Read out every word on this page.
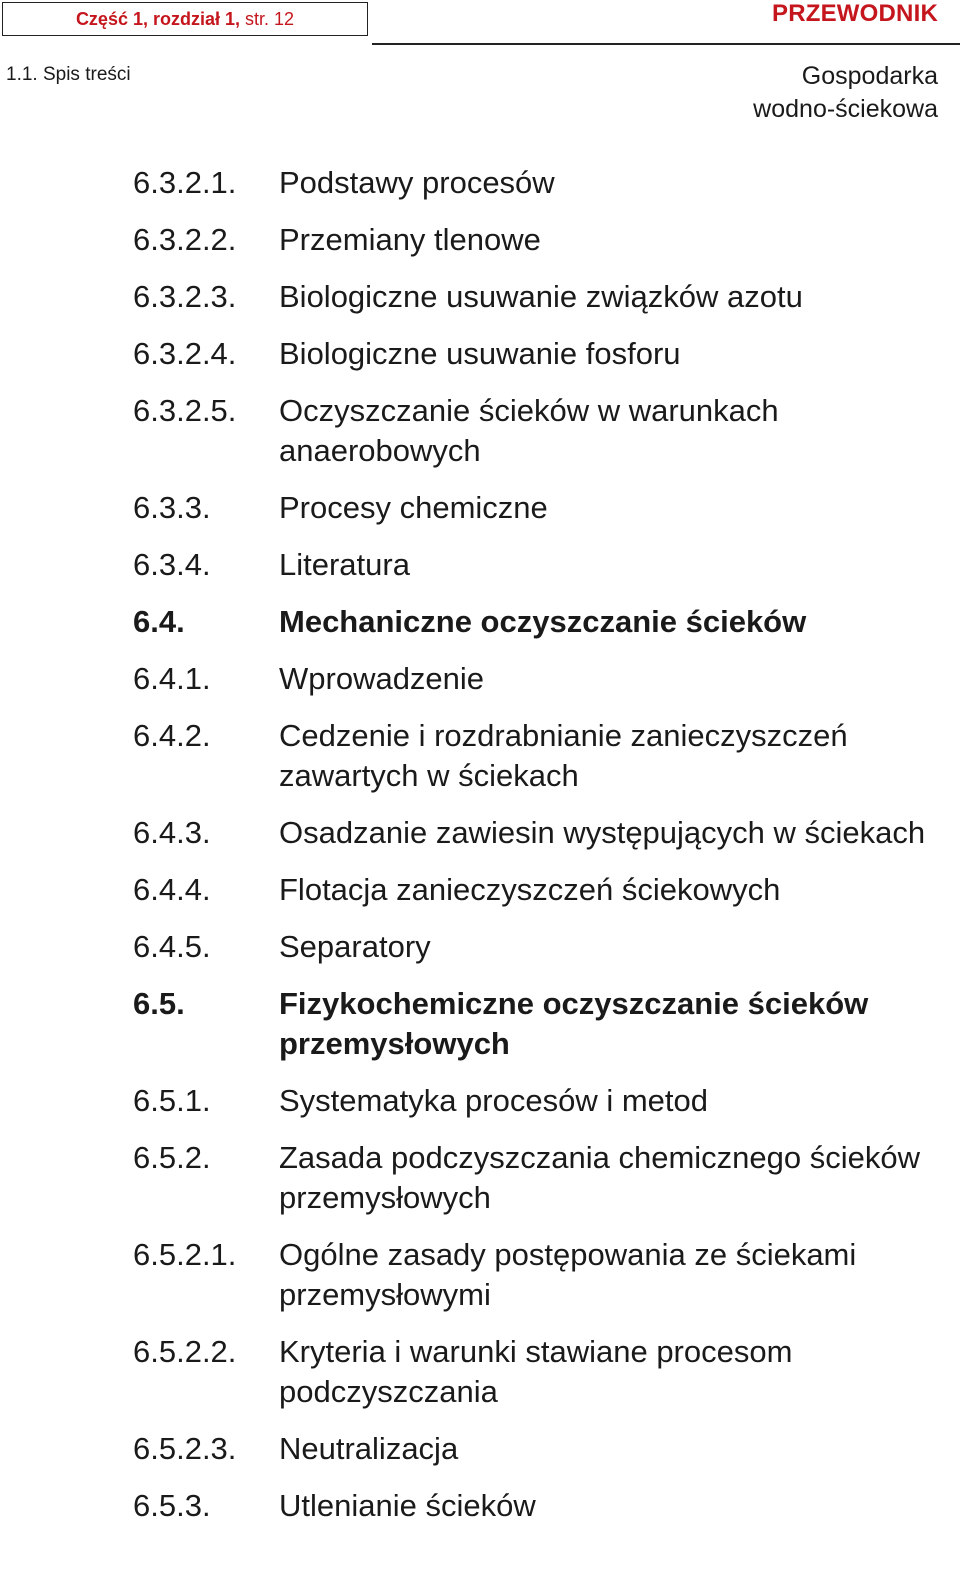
Część 1, rozdział 1,
str. 12	PRZEWODNIK
1.1. Spis treści	Gospodarka
wodno-ściekowa
6.3.2.1.	Podstawy procesów
6.3.2.2.	Przemiany tlenowe
6.3.2.3.	Biologiczne usuwanie związków azotu
6.3.2.4.	Biologiczne usuwanie fosforu
6.3.2.5.	Oczyszczanie ścieków w warunkach anaerobowych
6.3.3.	Procesy chemiczne
6.3.4.	Literatura
6.4.	Mechaniczne oczyszczanie ścieków
6.4.1.	Wprowadzenie
6.4.2.	Cedzenie i rozdrabnianie zanieczyszczeń zawartych w ściekach
6.4.3.	Osadzanie zawiesin występujących w ściekach
6.4.4.	Flotacja zanieczyszczeń ściekowych
6.4.5.	Separatory
6.5.	Fizykochemiczne oczyszczanie ścieków przemysłowych
6.5.1.	Systematyka procesów i metod
6.5.2.	Zasada podczyszczania chemicznego ścieków przemysłowych
6.5.2.1.	Ogólne zasady postępowania ze ściekami przemysłowymi
6.5.2.2.	Kryteria i warunki stawiane procesom podczyszczania
6.5.2.3.	Neutralizacja
6.5.3.	Utlenianie ścieków
